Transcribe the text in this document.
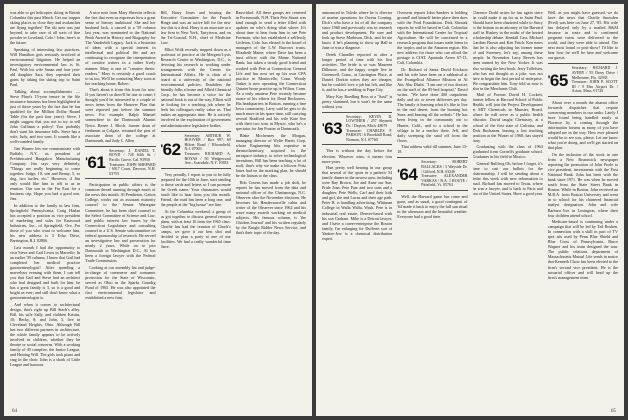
was able to get helicopter skiing in British Columbia this past March. Get our trapper skiing places so close they and avalanches are flying together! The ski area was just beyond, to take care of all sorts of fine powder in Loveland, Colo.! John, here's to the future.

Speaking of interesting law practices, Will Hamilton gets seriously involved at environmental litigation. He helped an investigatory environmental law is St. Paul. With his wife Susan and four year-old daughter Sara, they repeated their gains by taking the skiing trip to Saint Paul.

Talking about accomplishments — Steve Plant's 15-year tenure in the life insurance business has been highlighted in just of those years by the fact that he has qualified for the Million Dollar Round Table (for the past four years). Steve, I might suggest that you not to try to sell John Cullinan a policy! You probably don't want his insurance bills. Steve has a wife, Judy, and two sons. It sounds like a well-rounded family.

Jim Warner lets me communicate with Buffalo, N.Y., as president of Prefabricated Bungalow Manufacturing Company. Jim says very definitely, "Things are really beginning to come together. Judge, 10, son and Benny, 5, so dog, two turtles, etc." However, if Jim only would like him to tell to us in reunion. Our son in the Far East for a business trip. Hope you had a good one, Jim.

In addition to the family in law firm, Springfield Pennsylvania, Craig Harlan has accepted a position as vice president of marketing and sales for Eastwood Industries, Inc., of Springfield, Ore. For those of you who want to welcome him, his new address is 5 Echo Drive, Barrington, R.I. 02806.

Last month I had the opportunity to visit Steve and Gail Lewis in Marcello. In an earlier '59 column, I know that Gail had completed her medical practice gastroenterologist! After spending a marvelous evening with them, I can tell you that Gail and Steve had an architect who had designed and built for him; he has a great family is 3, so is a good and bright as ever; and still don't know what a gastroenterologist is.

And when it comes to architectural design, that's right up Bill Stack's alley. Bill, his wife Sally, and children Kristin, 10; Becky, 8; and John, 5, live in Cleveland Heights, Ohio. Although Bill has two different partners in architecture, the whole family appears to be actively involved in children, whether they be theatre or social concerns. With a working family of 45 campfire, the Junior League, and Heating Will. The girls took piano and sing in the choir. John is a shark of Little League and bassoon.

A nice note from Mary Sherwin reflects the fact that even us expresses how a great sense of literary ambitions! She and her husband Jack, a caused to a '59 column last year, was nominated to the National Book Award in History and Biography for The Vanderbilt Legacy. Jack is a historian of ideas with a special interest in intellectual and political life and are continuing to recognize the interpretation of creative writers in a rather lively manner. Mary is one of "creative thesis-readers." Mary is certainly a good coach to us too. We'll be contacting Mary soon at her teaching home, Robert.

That's about it from this front for now. If you haven't so there'll be one to come; I thought you'd be interested in a couple of news items from the Hanover Plan that were reported just before the summer news. For example, Ralph Manuel somewhere in the Dartmouth Alumni News. Renee J. Bloch, former dean of freshmen at Colgate, resumed the post of associate dean of the college at Dartmouth, and Judy L. Allen

'61
Secretary: J. DANIEL T. BOYD / 728 64th St. / Pacific Grove, Cal. 93950
Treasurer: JOHN SHEPARD / 6917 Court, Dawson, N.H. 03755

Participation in public affairs is the common thread running through much of the news this month. Al Pendieton, Gatton College, works out as assistant minority counsel to the Senate Watergate Committee, he has been chief counsel to the Select Committee of Science and Law, and public interest law issues by the Connecticut Legislature and consulting counsel to a U.S. Senate subcommittee on federal sponsorship of research. He served an investigative law and prosecution for nearly 2 years. While on to join Dartmouth in Washington D.C., Al has been a foreign lawyer with the Federal Trade Commission.

Looking at our assembly list and judge-in-charge of commerce and consumer protection for the State of Wisconsin, served as Ohio in the Sparks Grundig Fund of 1965. He was also appointed the first environmental legislator and established a new firm.

Bill, Harry Jones and hearing the Executive Committee for the Fourth Hinge and was an active bill for the new law this is a deal. Harry is an associate at a law firm in New York, Tarrytown, and on the Tri-Coastal, N.H., chief of Medicine Law.

Elliot Wolk recently stepped down as a professor of practice at the Mergent Lysis Research Center in Washington, D.C., is devoting his research to working under arrangements with the Center for International Affairs. He is chair of a board at a university of the national environmental policies. Doubtless the friendly folks a house and Allied Chemical Corp., he has become a voice for the national book is out of the way, Elliott will be looking for a teaching job where he feels his colleagues really value us. That makes an appropriate time. He is actively involved in the exploration of government and administrative legislative bodies.

'62
Secretary: ARTHUR W. HOOVER / Box 997, 60 Hilton Road / Bloomfield, N.J. 07003
Treasurer: RICHARD A. BOYAS / 50 Wedgewood Ave., Scarsdale, N.Y. 10583

Very proudly, I report to you to be fully prepared for the 10th in June, start sending to those cards and letters so I can promote the Greek name. Your classmates would much like to hear from you this month. Friend, the road has been a long one, and the people at the "big house" are fine.

At the Columbia weekend, a group of us got together to discuss general reunion plans, with at least 16 from the 1965 class. Charlie has had the reunion of Chuck's camps, we gave it our best shot and decided to plan a party at one of our facilities. We had a really wonderful time there.

Rauschhof. All these groups are centered in Portsmouth, N.H. Their Pete Stuart was kind enough to send a letter filled with updates on who's doing what where. It's about time to hear from him to see Pete Freeman, who has established a selflessly Littleton, Colo. has elected to the board of managers of the L.W. Burrows trusts. Elizabeth Maine, where Dave has been a trust officer with the Maine National Bank, has taken a steady good friend and worked with Pete at Connecticut General Life and has now set up his own CPA practice in Montecello, Conn. Woody Tasker is now operating the Connecticut Quarter horse practice up in Wilton, Conn. As a truly amateur Pete recently became aware of his efforts for Dead Reckoners. His headquarters in Boston, running a fine Iowa community, Larry said he gets to do much more in his spare time, still carrying several Bradford and his wife Kate live with their two sons in Mystic, who he's a spectator for Jim Frazier at Dartmouth.

Blake Mcchesney the Morgan, managing director of Wylie Harris Corp, whose Engineering hits expertise in thermochemistry, acquired in the aerospace industry, to solve technological inventions, Bill has been teaching a lot of stuff, that's why we make a leftover Fritz Ianes had on the marking plan, he should be the liaison to the class.

Bob Cosens has made a job shift, he reports he has moved from the data and national officer of the Chattanooga, N.C. Observer after the November elections. He becomes his Hendersonville cabin and writer of the Observer since 1962 and his wave many awards working on medical subjects. His famous column, is 'the Chicken Journal' and his written regularly by the Knight Ridder News Service, and that's their topic of the day.

64

announced in Toledo where he is director of marine operations for Owens Corning. Dick's who have a lot of all the company since 1968 and previously was in research and product development. Be sure and look up Steve Mathison, Dick, and let me know if he's planning to show up Hall in June or was a diagnose.

Derek Chandler reported in after a longer period of time with his first activities. The bride is so was Maureen Dillmore, and the happy couple live in Greenwell, Conn., at Carrington Place, at Daniel. Dorkin writes they are cheaper, but he couldn't love a job but felt, and like it, and he has a wedding in Pape City.

Mary Kay Roedling Ross at a "Soul" is pretty slammed, but it won't be the same without you.

'63
Secretary: KEVIN D. LOWTHER / 257 Skymott Dr. / Dayton, Mich. 48079
Treasurer: CHARLES F. PARSON / 6 Brookhill Road, Norman, N.J. 07760

This is without the day before the election. Whoever wins, it means four more years.

Hurt pretty well hearing in our group that several of the spots in a pathetic 54 family dinner in the newest area, including were Ray Brown, Joe and Anne our Sue, Pride Joan, Pete Paar and two sons and a daughter, Pete Wells, Carl and their kids and girl, the and Lucas and their age path. Peter B. is handling advertising, Whitman College in Walla Walla, Wash. Pete is in industrial real estate, Denver-based with his son Graham. Mike is a Detroit lawyer, and I have a career-enterprise the Boston family, I'm enlarging for Dufferin sort of Yankee-Jew is a chemical distribution expert.

Overseas reports John Sanders is holding ground! and himself better place then does with the Ford Foundation. Dick Shostak reports he will be based in Cali, Colombia with the International Center for Tropical Agriculture. He will be concerned in a research program that issues trade items in the tropics and in the Amazon region. His new address for those who can afford the postage is CIAT, Apartado Aereo 67-13, Cali, Colombia.

Dr. Richard of Santa David Erickson and his wife have been on a sabbatical at the Evangelical Alliance Mission in Al Ain, Abu Dhabi. "I am one of two doctors on the staff of the 85-bed hospital," David writes. "We have done 400 outpatients daily and six or seven deliveries per day. The family is learning what it's like to live in the real desert, from the burning hot Suez, and bearing all the ordeals." He has been living in the community out to Hunter, Calif., and to a school in the village to be a teacher there, Jeff, and daily sweeping the sand off from the floors.

That address valid till summer, June 15-18.

'64
Secretary: ROBERT BALLACKS / 3 Wayside Dr. / Gilford, N.H. 03246
Treasurer: ALEXANDER VARKAS / R.A. 1 ROUTE / Pittsfield, Vt. 05763

Well, the Harvard game has come and gone, and as usual, a good contingent of '64 made it back to enjoy the fall sun ritual in the afternoon and the beautiful weather. Everyone had a good time.

Clarence Dodd writes he has again since he could make it up for us to Saint Paul. Should have been chartered while to Stacy to the bottom in an attorney of the Harvard staff in Huskey in the midst of the heated scholarship debate. Kendall Cast, Michael Gardner Brown and Ken Finch. Ken notes that he is also adjusting his former name of and Sweeney, let's say, among these people. In November Larry Reeves has been named by the New Yorker. It was also writing the best book, Jerry Tollefsen, who has not thought as a joke, was not here to begin the first period of enterprise. We congratulate him. Tony told us now is also in the Merchants Club.

Mail of Former David H. Lockett, former fellow at Harvard School of Public Health, will join the Project Development at MIT Chemicals in Munster, Brazil, where he will serve as a public health educator. David taught Chemistry, at a school of the first state of Calcutta, and Dick Buchanan, leaving a lost teaching position at the Winter of 1968, has stayed busy.

Graduating with the class of 1964 graduated from Cornell's graduate school. Graduates in his field in Mexico.

General Bullfrog Oh, before I forget, it's time to cast our ballots for the chairmanship. I will be sending about a letter this week with new information to mail. Richard has moved to Texas, where he was a lawyer, and is back to Paris and out of the United States. Have a good year.

Well, as you might have guessed, we do have the news that Charlie Snowden (Fred) was here on June 27, '85. His wife has delayed only by a mailed B&M because in route and is confirmed pregnant twins were delivered to the world, and they were able to attend. The next most found or post-show? I'd like to hear how far we'll be here and welcome our guests.

'65
Secretary: RICHARD J. AVERY / 55 Derry Drive / Melbourne, Fla. 32935
Treasurer: JOHN P. SCOTT III / 9 Elm Airport Dr. / Acton, Mass. 01720

About over a month the alumni office forwards dispatches that require concerning members in our ranks. Lately I have found being handled easily at Florence by a coming through the information forums as many of you have adopted me in the way. How ever pleased would be to see you, please. Let me know what you're doing, and we'll get started on that plan.

On the inclusion of the stock in one from a New Brunswick newspaper reporting the promotion of John Poole to vice president, investments with the First National Bank. John has been with the bank since 1971. He was when he moved south from the State Street Bank in Boston. While in Boston, John received an M.B.A. from Boston University and went in to school for his chartered financial analyst designation. John and wife Barbara live in Lexington, where their four children attend school.

Medicare-based is continuing under a campaign that will be led by Ted Roshen. In connection with a skill in part of TV spot ads used by Penn Blue Shield and Blue Cross of Pennsylvania, Bruce Wagner and his team designed the tour. The public relations department of Massachusetts Mutual Life sends in notice that Kenneth Chow has been elected to the firm's second vice president. He is the actuarial officer and will head up the firm's management team.

65
